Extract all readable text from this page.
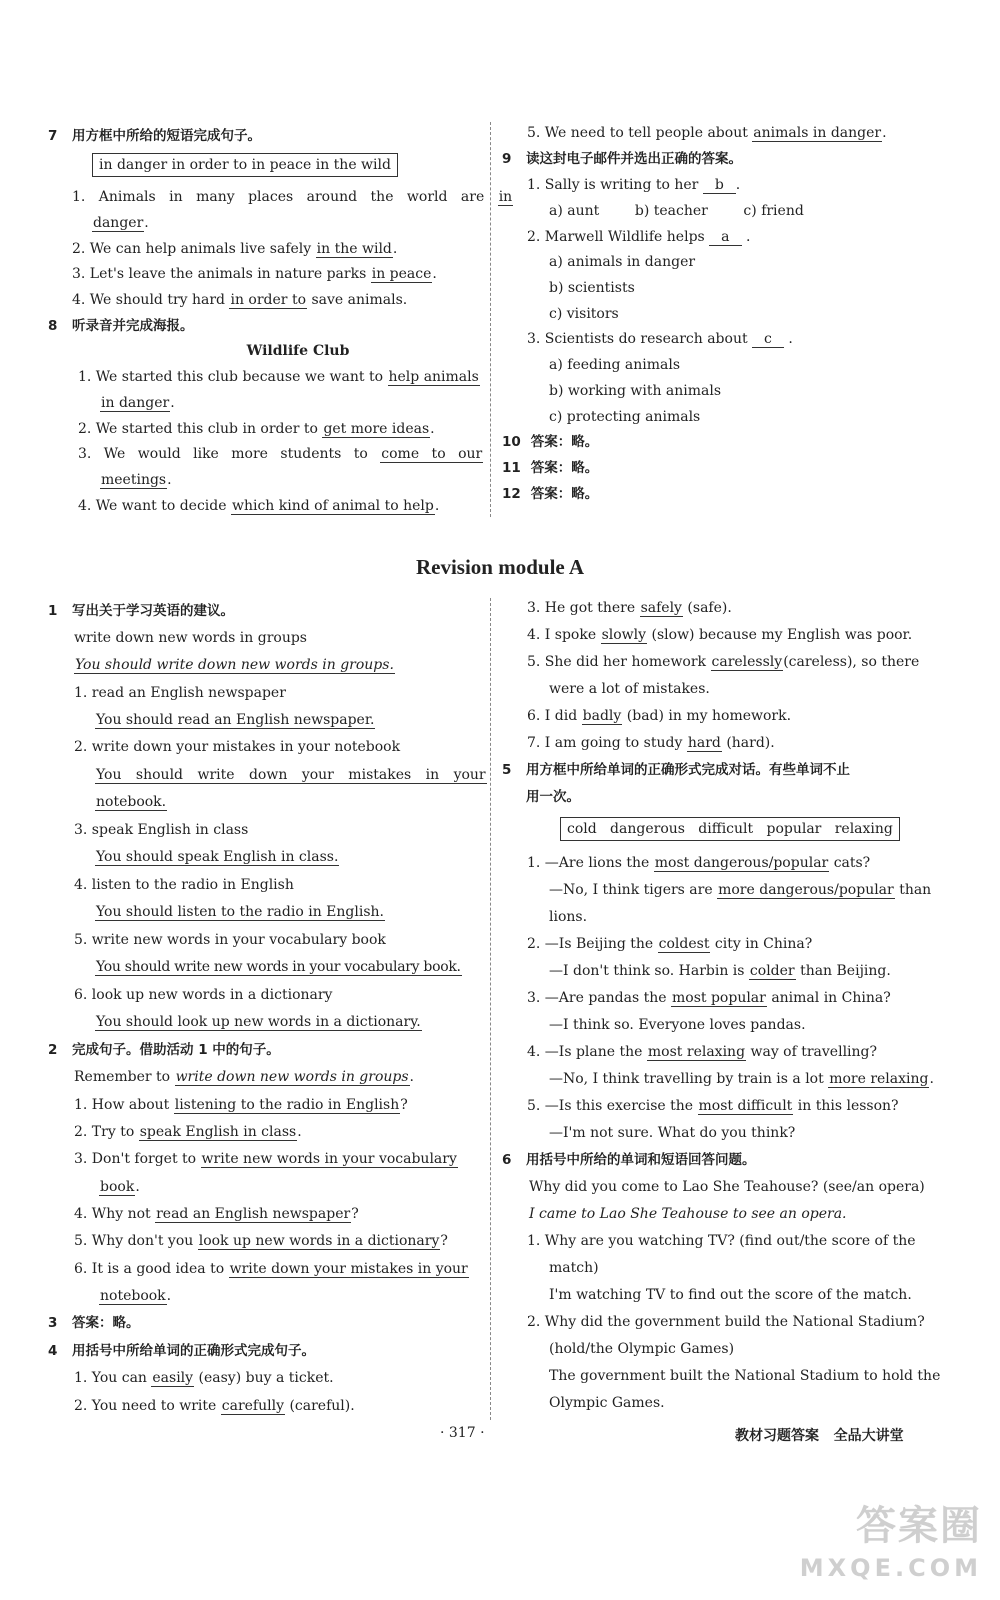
7 用方框中所给的短语完成句子。
in danger in order to in peace in the wild
1. Animals in many places around the world are in
danger.
2. We can help animals live safely in the wild.
3. Let's leave the animals in nature parks in peace.
4. We should try hard in order to save animals.
8 听录音并完成海报。
Wildlife Club
1. We started this club because we want to help animals
in danger.
2. We started this club in order to get more ideas.
3. We would like more students to come to our
meetings.
4. We want to decide which kind of animal to help.
5. We need to tell people about animals in danger.
9 读这封电子邮件并选出正确的答案。
1. Sally is writing to her b .
a) aunt        b) teacher        c) friend
2. Marwell Wildlife helps a .
a) animals in danger
b) scientists
c) visitors
3. Scientists do research about c .
a) feeding animals
b) working with animals
c) protecting animals
10 答案：略。
11 答案：略。
12 答案：略。
Revision module A
1 写出关于学习英语的建议。
write down new words in groups
You should write down new words in groups.
1. read an English newspaper
You should read an English newspaper.
2. write down your mistakes in your notebook
You should write down your mistakes in your
notebook.
3. speak English in class
You should speak English in class.
4. listen to the radio in English
You should listen to the radio in English.
5. write new words in your vocabulary book
You should write new words in your vocabulary book.
6. look up new words in a dictionary
You should look up new words in a dictionary.
2 完成句子。借助活动 1 中的句子。
Remember to write down new words in groups.
1. How about listening to the radio in English?
2. Try to speak English in class.
3. Don't forget to write new words in your vocabulary
book.
4. Why not read an English newspaper?
5. Why don't you look up new words in a dictionary?
6. It is a good idea to write down your mistakes in your
notebook.
3 答案：略。
4 用括号中所给单词的正确形式完成句子。
1. You can easily (easy) buy a ticket.
2. You need to write carefully (careful).
3. He got there safely (safe).
4. I spoke slowly (slow) because my English was poor.
5. She did her homework carelessly(careless), so there
were a lot of mistakes.
6. I did badly (bad) in my homework.
7. I am going to study hard (hard).
5 用方框中所给单词的正确形式完成对话。有些单词不止
用一次。
cold   dangerous   difficult   popular   relaxing
1. —Are lions the most dangerous/popular cats?
—No, I think tigers are more dangerous/popular than
lions.
2. —Is Beijing the coldest city in China?
—I don't think so. Harbin is colder than Beijing.
3. —Are pandas the most popular animal in China?
—I think so. Everyone loves pandas.
4. —Is plane the most relaxing way of travelling?
—No, I think travelling by train is a lot more relaxing.
5. —Is this exercise the most difficult in this lesson?
—I'm not sure. What do you think?
6 用括号中所给的单词和短语回答问题。
Why did you come to Lao She Teahouse? (see/an opera)
I came to Lao She Teahouse to see an opera.
1. Why are you watching TV? (find out/the score of the
match)
I'm watching TV to find out the score of the match.
2. Why did the government build the National Stadium?
(hold/the Olympic Games)
The government built the National Stadium to hold the
Olympic Games.
· 317 ·	教材习题答案   全品大讲堂
答案圈
MXQE.COM
